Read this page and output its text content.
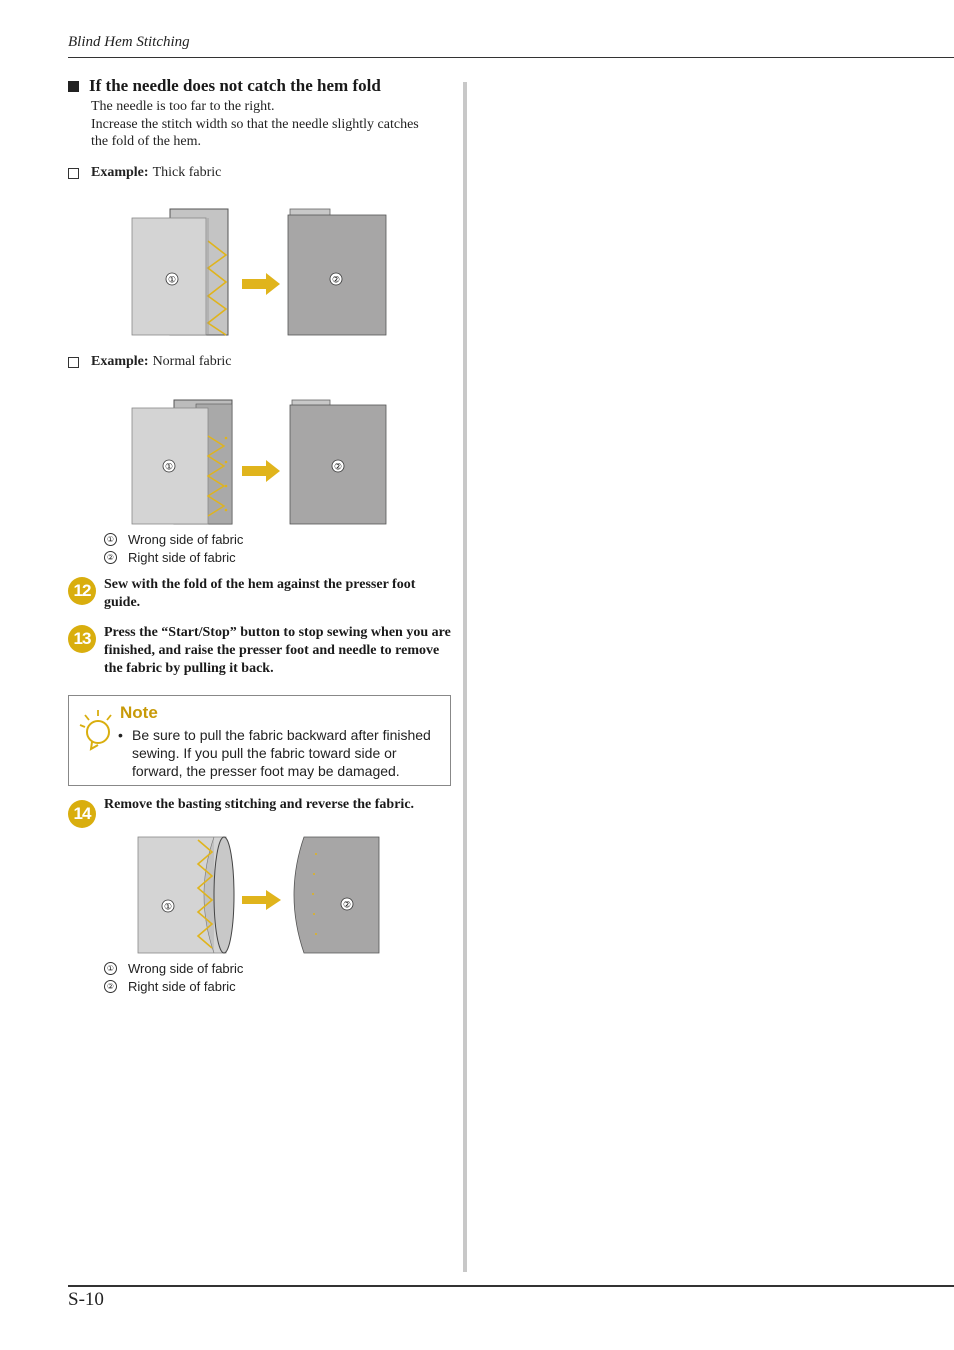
Blind Hem Stitching
If the needle does not catch the hem fold
The needle is too far to the right.
Increase the stitch width so that the needle slightly catches
the fold of the hem.
Example: Thick fabric
①	②
Example: Normal fabric
①	②
① Wrong side of fabric
② Right side of fabric
12 Sew with the fold of the hem against the presser foot guide.
13 Press the “Start/Stop” button to stop sewing when you are finished, and raise the presser foot and needle to remove the fabric by pulling it back.
Note
• Be sure to pull the fabric backward after finished sewing. If you pull the fabric toward side or forward, the presser foot may be damaged.
14 Remove the basting stitching and reverse the fabric.
①	②
① Wrong side of fabric
② Right side of fabric
S-10
